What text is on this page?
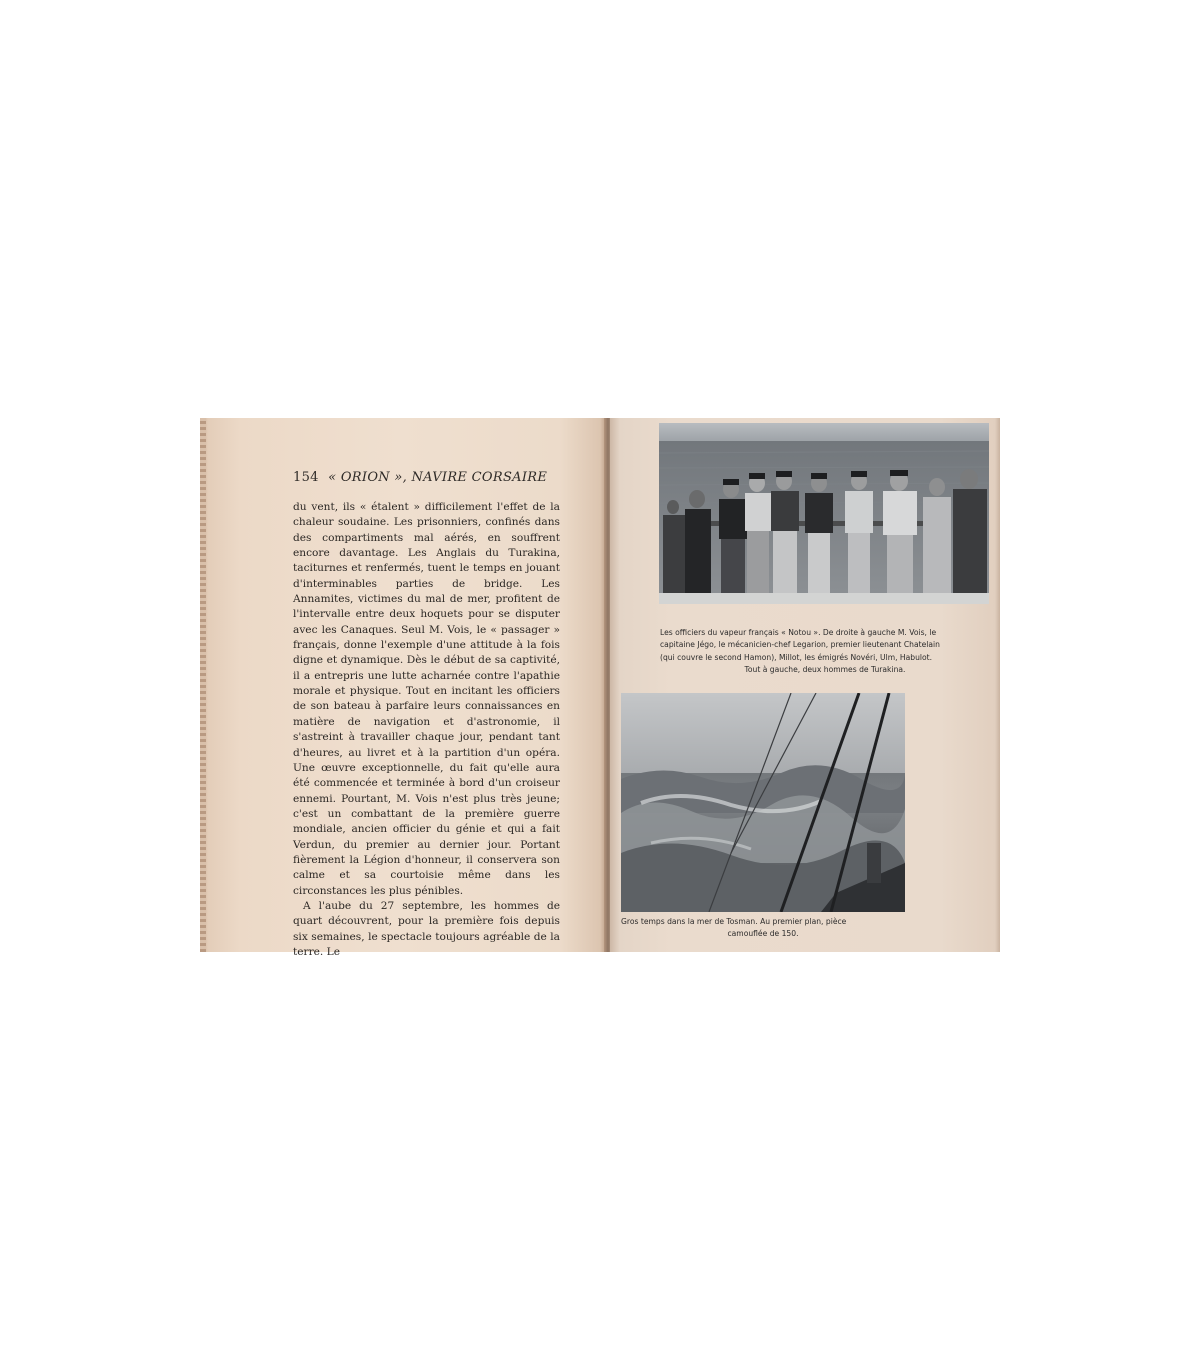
154 « ORION », NAVIRE CORSAIRE

du vent, ils « étalent » difficilement l'effet de la chaleur soudaine. Les prisonniers, confinés dans des compartiments mal aérés, en souffrent encore davantage. Les Anglais du Turakina, taciturnes et renfermés, tuent le temps en jouant d'interminables parties de bridge. Les Annamites, victimes du mal de mer, profitent de l'intervalle entre deux hoquets pour se disputer avec les Canaques. Seul M. Vois, le « passager » français, donne l'exemple d'une attitude à la fois digne et dynamique. Dès le début de sa captivité, il a entrepris une lutte acharnée contre l'apathie morale et physique. Tout en incitant les officiers de son bateau à parfaire leurs connaissances en matière de navigation et d'astronomie, il s'astreint à travailler chaque jour, pendant tant d'heures, au livret et à la partition d'un opéra. Une œuvre exceptionnelle, du fait qu'elle aura été commencée et terminée à bord d'un croiseur ennemi. Pourtant, M. Vois n'est plus très jeune; c'est un combattant de la première guerre mondiale, ancien officier du génie et qui a fait Verdun, du premier au dernier jour. Portant fièrement la Légion d'honneur, il conservera son calme et sa courtoisie même dans les circonstances les plus pénibles.

A l'aube du 27 septembre, les hommes de quart découvrent, pour la première fois depuis six semaines, le spectacle toujours agréable de la terre. Le

Les officiers du vapeur français « Notou ». De droite à gauche M. Vois, le
capitaine Jégo, le mécanicien-chef Legarion, premier lieutenant Chatelain
(qui couvre le second Hamon), Millot, les émigrés Novéri, Ulm, Habulot.
Tout à gauche, deux hommes de Turakina.
Gros temps dans la mer de Tosman. Au premier plan, pièce
camouflée de 150.
